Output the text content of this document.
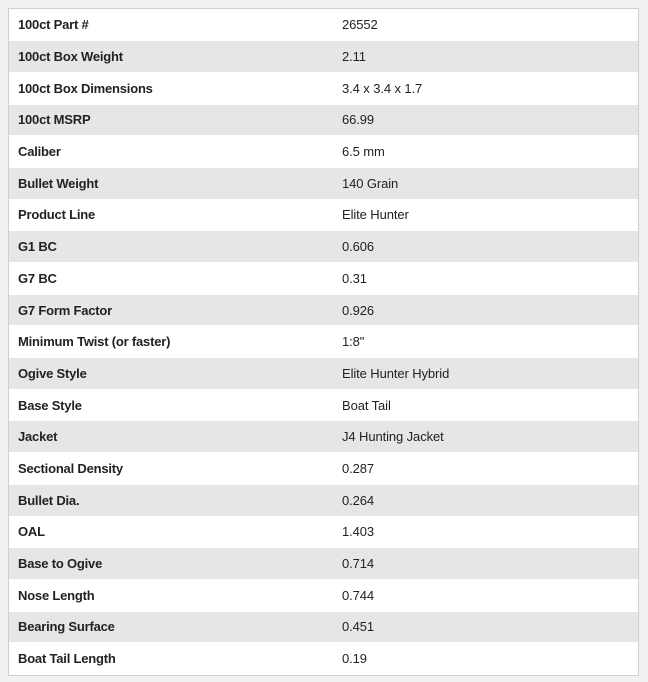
100ct Part #	26552
100ct Box Weight	2.11
100ct Box Dimensions	3.4 x 3.4 x 1.7
100ct MSRP	66.99
Caliber	6.5 mm
Bullet Weight	140 Grain
Product Line	Elite Hunter
G1 BC	0.606
G7 BC	0.31
G7 Form Factor	0.926
Minimum Twist (or faster)	1:8"
Ogive Style	Elite Hunter Hybrid
Base Style	Boat Tail
Jacket	J4 Hunting Jacket
Sectional Density	0.287
Bullet Dia.	0.264
OAL	1.403
Base to Ogive	0.714
Nose Length	0.744
Bearing Surface	0.451
Boat Tail Length	0.19
